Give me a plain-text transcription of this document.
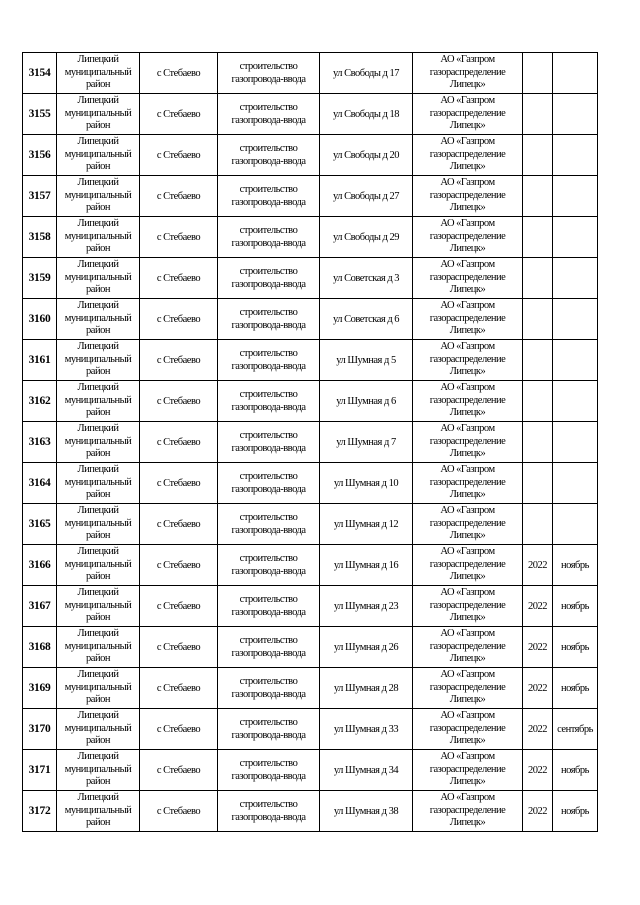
3154	Липецкий муниципальный район	с Стебаево	строительство газопровода-ввода	ул Свободы д 17	АО «Газпром газораспределение Липецк»		
3155	Липецкий муниципальный район	с Стебаево	строительство газопровода-ввода	ул Свободы д 18	АО «Газпром газораспределение Липецк»		
3156	Липецкий муниципальный район	с Стебаево	строительство газопровода-ввода	ул Свободы д 20	АО «Газпром газораспределение Липецк»		
3157	Липецкий муниципальный район	с Стебаево	строительство газопровода-ввода	ул Свободы д 27	АО «Газпром газораспределение Липецк»		
3158	Липецкий муниципальный район	с Стебаево	строительство газопровода-ввода	ул Свободы д 29	АО «Газпром газораспределение Липецк»		
3159	Липецкий муниципальный район	с Стебаево	строительство газопровода-ввода	ул Советская д 3	АО «Газпром газораспределение Липецк»		
3160	Липецкий муниципальный район	с Стебаево	строительство газопровода-ввода	ул Советская д 6	АО «Газпром газораспределение Липецк»		
3161	Липецкий муниципальный район	с Стебаево	строительство газопровода-ввода	ул Шумная д 5	АО «Газпром газораспределение Липецк»		
3162	Липецкий муниципальный район	с Стебаево	строительство газопровода-ввода	ул Шумная д 6	АО «Газпром газораспределение Липецк»		
3163	Липецкий муниципальный район	с Стебаево	строительство газопровода-ввода	ул Шумная д 7	АО «Газпром газораспределение Липецк»		
3164	Липецкий муниципальный район	с Стебаево	строительство газопровода-ввода	ул Шумная д 10	АО «Газпром газораспределение Липецк»		
3165	Липецкий муниципальный район	с Стебаево	строительство газопровода-ввода	ул Шумная д 12	АО «Газпром газораспределение Липецк»		
3166	Липецкий муниципальный район	с Стебаево	строительство газопровода-ввода	ул Шумная д 16	АО «Газпром газораспределение Липецк»	2022	ноябрь
3167	Липецкий муниципальный район	с Стебаево	строительство газопровода-ввода	ул Шумная д 23	АО «Газпром газораспределение Липецк»	2022	ноябрь
3168	Липецкий муниципальный район	с Стебаево	строительство газопровода-ввода	ул Шумная д 26	АО «Газпром газораспределение Липецк»	2022	ноябрь
3169	Липецкий муниципальный район	с Стебаево	строительство газопровода-ввода	ул Шумная д 28	АО «Газпром газораспределение Липецк»	2022	ноябрь
3170	Липецкий муниципальный район	с Стебаево	строительство газопровода-ввода	ул Шумная д 33	АО «Газпром газораспределение Липецк»	2022	сентябрь
3171	Липецкий муниципальный район	с Стебаево	строительство газопровода-ввода	ул Шумная д 34	АО «Газпром газораспределение Липецк»	2022	ноябрь
3172	Липецкий муниципальный район	с Стебаево	строительство газопровода-ввода	ул Шумная д 38	АО «Газпром газораспределение Липецк»	2022	ноябрь
